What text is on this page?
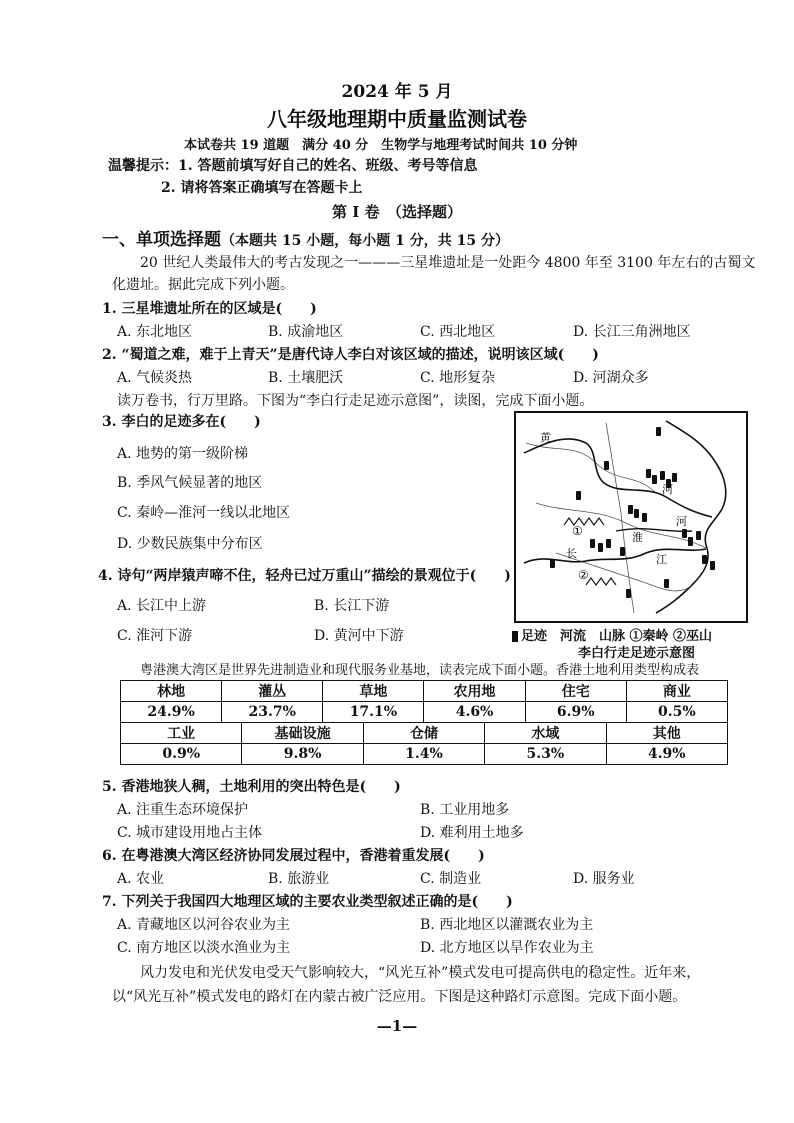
2024 年 5 月
八年级地理期中质量监测试卷
本试卷共 19 道题　满分 40 分　生物学与地理考试时间共 10 分钟
温馨提示：1. 答题前填写好自己的姓名、班级、考号等信息
2. 请将答案正确填写在答题卡上
第 I 卷　（选择题）
一、单项选择题（本题共 15 小题，每小题 1 分，共 15 分）
20 世纪人类最伟大的考古发现之一———三星堆遗址是一处距今 4800 年至 3100 年左右的古蜀文
化遗址。据此完成下列小题。
1. 三星堆遗址所在的区域是(　　)
A. 东北地区	B. 成渝地区	C. 西北地区	D. 长江三角洲地区
2. “蜀道之难，难于上青天”是唐代诗人李白对该区域的描述，说明该区域(　　)
A. 气候炎热	B. 土壤肥沃	C. 地形复杂	D. 河湖众多
读万卷书，行万里路。下图为“李白行走足迹示意图”，读图，完成下面小题。
3. 李白的足迹多在(　　)
A. 地势的第一级阶梯
B. 季风气候显著的地区
C. 秦岭—淮河一线以北地区
D. 少数民族集中分布区
4. 诗句“两岸猿声啼不住，轻舟已过万重山”描绘的景观位于(　　)
A. 长江中上游	B. 长江下游
C. 淮河下游	D. 黄河中下游
黄
河
河
淮
长	江
①
②
足迹　河流　山脉 ①秦岭 ②巫山
李白行走足迹示意图
粤港澳大湾区是世界先进制造业和现代服务业基地，读表完成下面小题。香港土地利用类型构成表
林地	灌丛	草地	农用地	住宅	商业
24.9%	23.7%	17.1%	4.6%	6.9%	0.5%
工业	基础设施	仓储	水域	其他
0.9%	9.8%	1.4%	5.3%	4.9%
5. 香港地狭人稠，土地利用的突出特色是(　　)
A. 注重生态环境保护	B. 工业用地多
C. 城市建设用地占主体	D. 难利用土地多
6. 在粤港澳大湾区经济协同发展过程中，香港着重发展(　　)
A. 农业	B. 旅游业	C. 制造业	D. 服务业
7. 下列关于我国四大地理区域的主要农业类型叙述正确的是(　　)
A. 青藏地区以河谷农业为主	B. 西北地区以灌溉农业为主
C. 南方地区以淡水渔业为主	D. 北方地区以旱作农业为主
风力发电和光伏发电受天气影响较大，“风光互补”模式发电可提高供电的稳定性。近年来，
以“风光互补”模式发电的路灯在内蒙古被广泛应用。下图是这种路灯示意图。完成下面小题。
—1—
